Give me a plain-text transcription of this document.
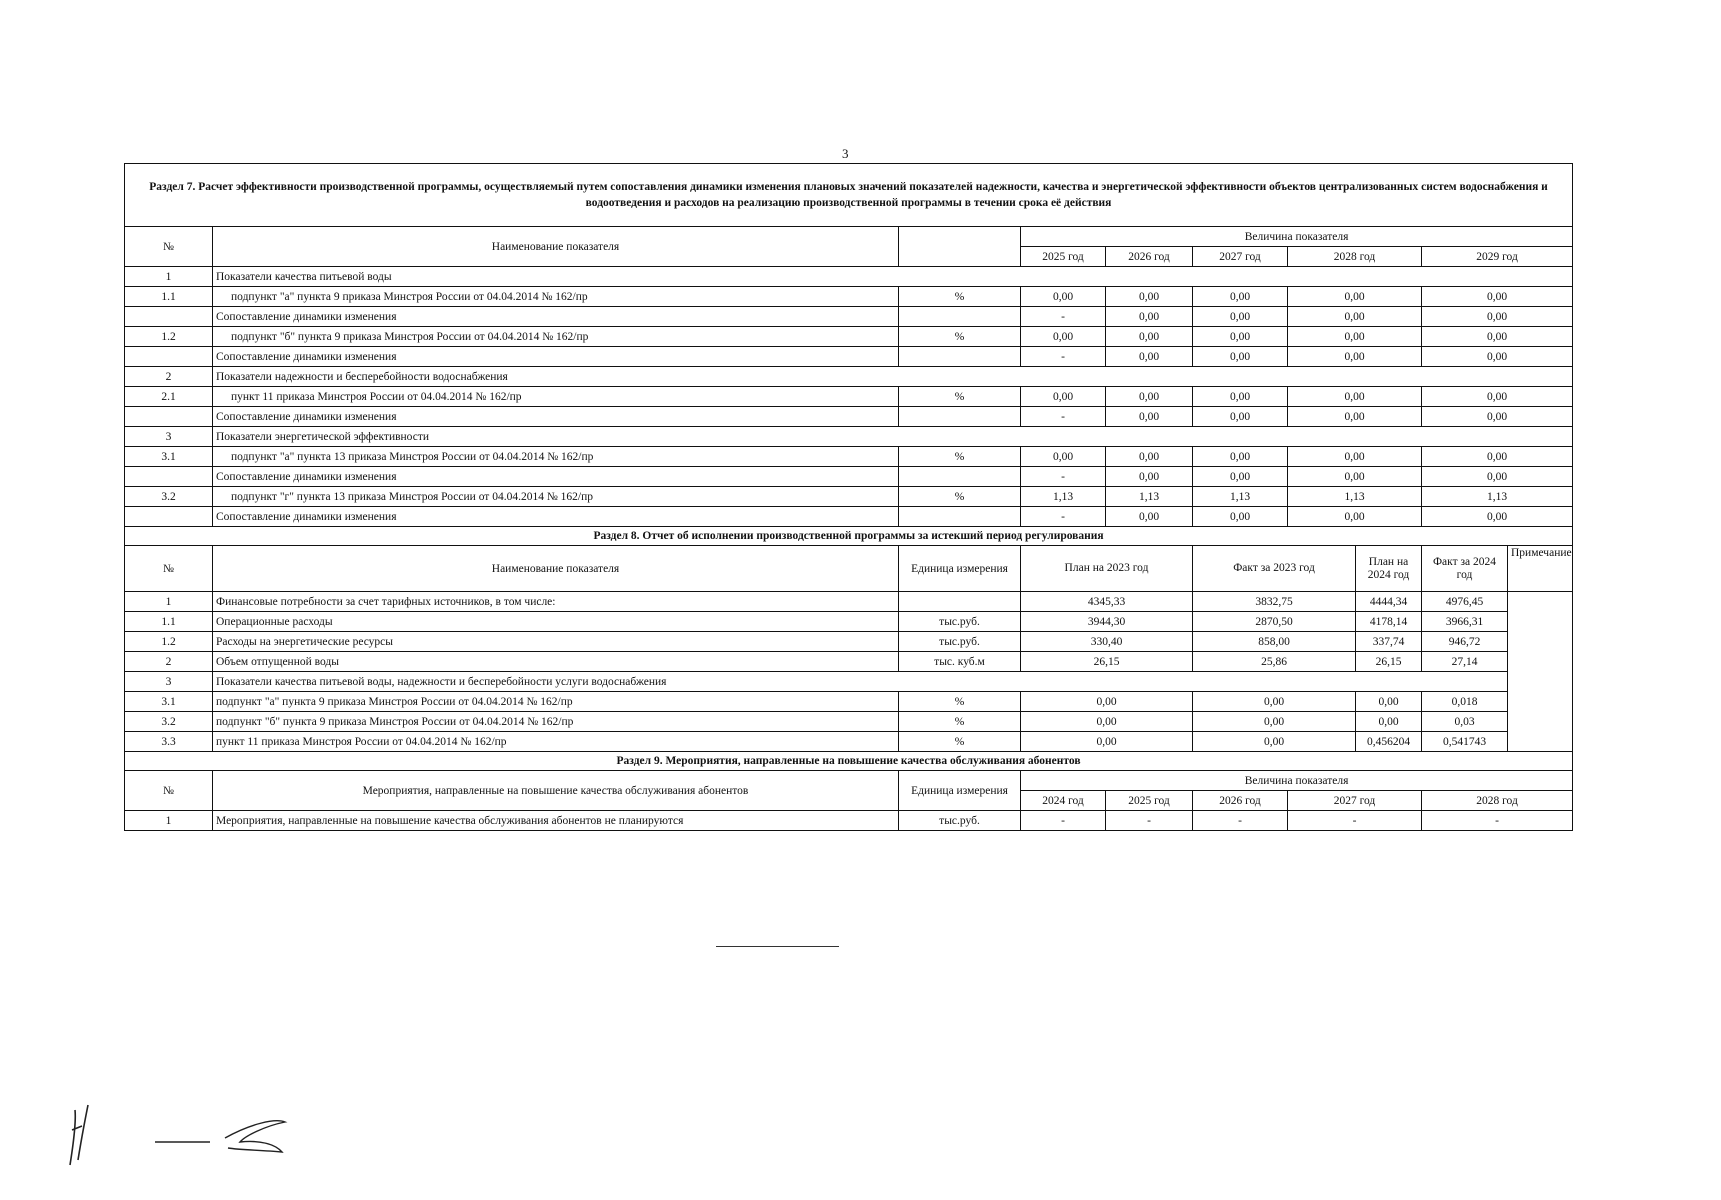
3
Раздел 7. Расчет эффективности производственной программы, осуществляемый путем сопоставления динамики изменения плановых значений показателей надежности, качества и энергетической эффективности объектов централизованных систем водоснабжения и водоотведения и расходов на реализацию производственной программы в течении срока её действия									
№	Наименование показателя		Величина показателя						
			2025 год	2026 год	2027 год	2028 год		2029 год	
1	Показатели качества питьевой воды								
1.1	подпункт "а" пункта 9 приказа Минстроя России от 04.04.2014 № 162/пр	%	0,00	0,00	0,00	0,00		0,00	
	Сопоставление динамики изменения		-	0,00	0,00	0,00		0,00	
1.2	подпункт "б" пункта 9 приказа Минстроя России от 04.04.2014 № 162/пр	%	0,00	0,00	0,00	0,00		0,00	
	Сопоставление динамики изменения		-	0,00	0,00	0,00		0,00	
2	Показатели надежности и бесперебойности водоснабжения								
2.1	пункт 11 приказа Минстроя России от 04.04.2014 № 162/пр	%	0,00	0,00	0,00	0,00		0,00	
	Сопоставление динамики изменения		-	0,00	0,00	0,00		0,00	
3	Показатели энергетической эффективности								
3.1	подпункт "а" пункта 13 приказа Минстроя России от 04.04.2014 № 162/пр	%	0,00	0,00	0,00	0,00		0,00	
	Сопоставление динамики изменения		-	0,00	0,00	0,00		0,00	
3.2	подпункт "г" пункта 13 приказа Минстроя России от 04.04.2014 № 162/пр	%	1,13	1,13	1,13	1,13		1,13	
	Сопоставление динамики изменения		-	0,00	0,00	0,00		0,00	
Раздел 8. Отчет об исполнении производственной программы за истекший период регулирования									
№	Наименование показателя	Единица измерения	План на 2023 год		Факт за 2023 год		План на 2024 год	Факт за 2024 год	Примечание
1	Финансовые потребности за счет тарифных источников, в том числе:		4345,33		3832,75		4444,34	4976,45	
1.1	Операционные расходы	тыс.руб.	3944,30		2870,50		4178,14	3966,31	
1.2	Расходы на энергетические ресурсы	тыс.руб.	330,40		858,00		337,74	946,72	
2	Объем отпущенной воды	тыс. куб.м	26,15		25,86		26,15	27,14	
3	Показатели качества питьевой воды, надежности и бесперебойности услуги водоснабжения								
3.1	подпункт "а" пункта 9 приказа Минстроя России от 04.04.2014 № 162/пр	%	0,00		0,00		0,00	0,018	
3.2	подпункт "б" пункта 9 приказа Минстроя России от 04.04.2014 № 162/пр	%	0,00		0,00		0,00	0,03	
3.3	пункт 11 приказа Минстроя России от 04.04.2014 № 162/пр	%	0,00		0,00		0,456204	0,541743	
Раздел 9. Мероприятия, направленные на повышение качества обслуживания абонентов									
№	Мероприятия, направленные на повышение качества обслуживания абонентов	Единица измерения	Величина показателя						
			2024 год	2025 год	2026 год	2027 год		2028 год	
1	Мероприятия, направленные на повышение качества обслуживания абонентов не планируются	тыс.руб.	-	-	-	-		-	
